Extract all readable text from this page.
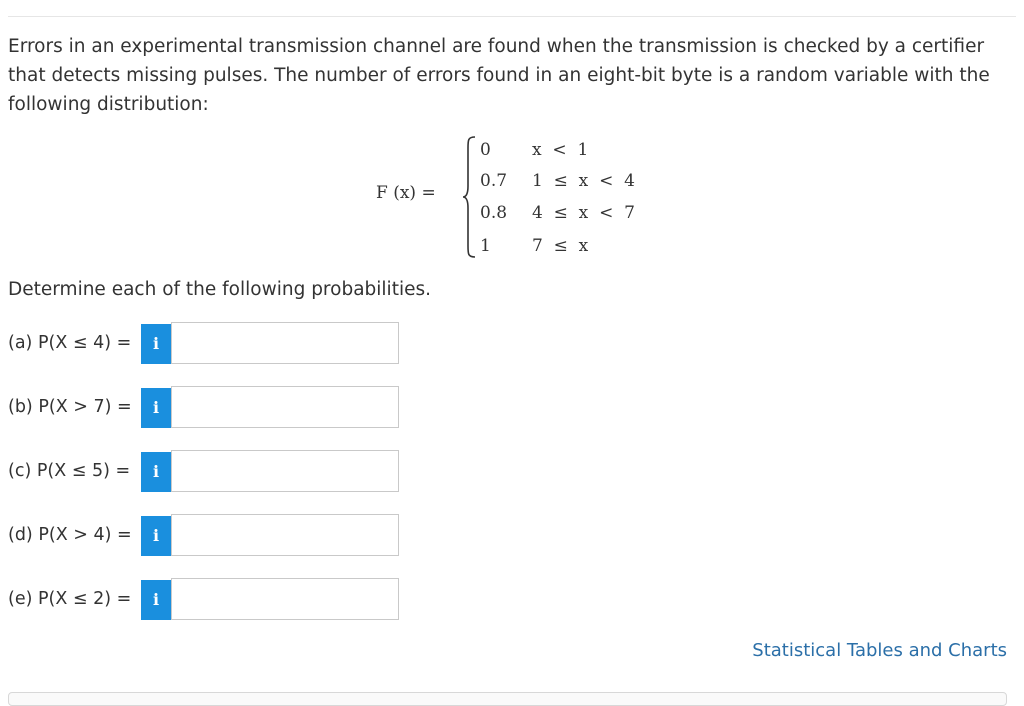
Errors in an experimental transmission channel are found when the transmission is checked by a certifier that detects missing pulses. The number of errors found in an eight-bit byte is a random variable with the following distribution:
F (x) =
0	x  <  1
0.7	1  ≤  x  <  4
0.8	4  ≤  x  <  7
1	7  ≤  x
Determine each of the following probabilities.
(a) P(X ≤ 4) =	i
(b) P(X > 7) =	i
(c) P(X ≤ 5) =	i
(d) P(X > 4) =	i
(e) P(X ≤ 2) =	i
Statistical Tables and Charts
